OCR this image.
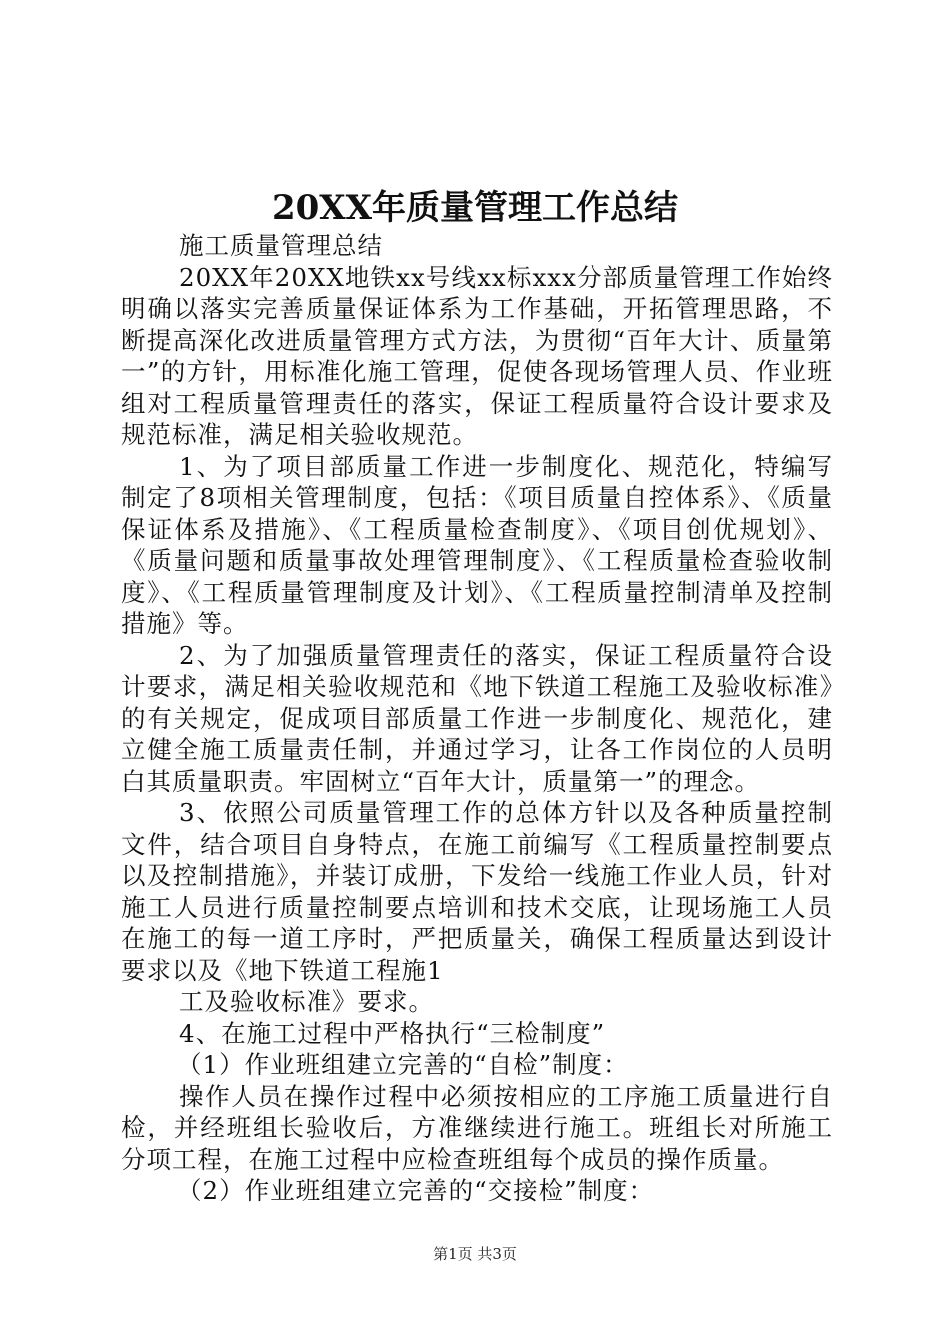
20XX年质量管理工作总结

施工质量管理总结

20XX年20XX地铁xx号线xx标xxx分部质量管理工作始终明确以落实完善质量保证体系为工作基础，开拓管理思路，不断提高深化改进质量管理方式方法，为贯彻“百年大计、质量第一”的方针，用标准化施工管理，促使各现场管理人员、作业班组对工程质量管理责任的落实，保证工程质量符合设计要求及规范标准，满足相关验收规范。

1、为了项目部质量工作进一步制度化、规范化，特编写制定了8项相关管理制度，包括：《项目质量自控体系》、《质量保证体系及措施》、《工程质量检查制度》、《项目创优规划》、《质量问题和质量事故处理管理制度》、《工程质量检查验收制度》、《工程质量管理制度及计划》、《工程质量控制清单及控制措施》等。

2、为了加强质量管理责任的落实，保证工程质量符合设计要求，满足相关验收规范和《地下铁道工程施工及验收标准》的有关规定，促成项目部质量工作进一步制度化、规范化，建立健全施工质量责任制，并通过学习，让各工作岗位的人员明白其质量职责。牢固树立“百年大计，质量第一”的理念。

3、依照公司质量管理工作的总体方针以及各种质量控制文件，结合项目自身特点，在施工前编写《工程质量控制要点以及控制措施》，并装订成册，下发给一线施工作业人员，针对施工人员进行质量控制要点培训和技术交底，让现场施工人员在施工的每一道工序时，严把质量关，确保工程质量达到设计要求以及《地下铁道工程施1

工及验收标准》要求。

4、在施工过程中严格执行“三检制度”

（1）作业班组建立完善的“自检”制度：

操作人员在操作过程中必须按相应的工序施工质量进行自检，并经班组长验收后，方准继续进行施工。班组长对所施工分项工程，在施工过程中应检查班组每个成员的操作质量。

（2）作业班组建立完善的“交接检”制度：

第1页 共3页
